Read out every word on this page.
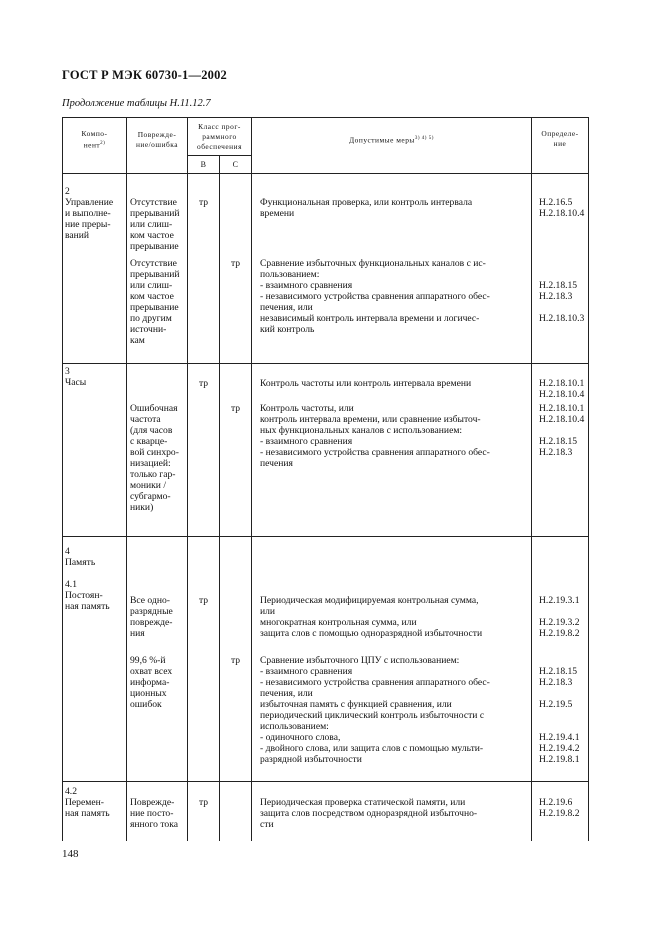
ГОСТ Р МЭК 60730-1—2002
Продолжение таблицы Н.11.12.7
Компо-
нент$^{2)}$
Поврежде-
ние/ошибка
Класс прог-
раммного
обеспечения
В	С
Допустимые меры$^{3) 4) 5)}$
Определе-
ние
2
Управление
и выполне-
ние преры-
ваний
Отсутствие
прерываний
или слиш-
ком частое
прерывание
Отсутствие
прерываний
или слиш-
ком частое
прерывание
по другим
источни-
кам
тр
тр
Функциональная проверка, или контроль интервала
времени
Сравнение избыточных функциональных каналов с ис-
пользованием:
- взаимного сравнения
- независимого устройства сравнения аппаратного обес-
печения, или
независимый контроль интервала времени и логичес-
кий контроль
Н.2.16.5
Н.2.18.10.4

Н.2.18.15
Н.2.18.3

Н.2.18.10.3
3
Часы
Ошибочная
частота
(для часов
с кварце-
вой синхро-
низацией:
только гар-
моники /
субгармо-
ники)
тр
тр
Контроль частоты или контроль интервала времени
Контроль частоты, или
контроль интервала времени, или сравнение избыточ-
ных функциональных каналов с использованием:
- взаимного сравнения
- независимого устройства сравнения аппаратного обес-
печения
Н.2.18.10.1
Н.2.18.10.4
Н.2.18.10.1
Н.2.18.10.4

Н.2.18.15
Н.2.18.3
4
Память

4.1
Постоян-
ная память
Все одно-
разрядные
поврежде-
ния
99,6 %-й
охват всех
информа-
ционных
ошибок
тр
тр
Периодическая модифицируемая контрольная сумма,
или
многократная контрольная сумма, или
защита слов с помощью одноразрядной избыточности
Сравнение избыточного ЦПУ с использованием:
- взаимного сравнения
- независимого устройства сравнения аппаратного обес-
печения, или
избыточная память с функцией сравнения, или
периодический циклический контроль избыточности с
использованием:
- одиночного слова,
- двойного слова, или защита слов с помощью мульти-
разрядной избыточности
Н.2.19.3.1

Н.2.19.3.2
Н.2.19.8.2

Н.2.18.15
Н.2.18.3

Н.2.19.5

Н.2.19.4.1
Н.2.19.4.2
Н.2.19.8.1
4.2
Перемен-
ная память
Поврежде-
ние посто-
янного тока
тр	Периодическая проверка статической памяти, или
защита слов посредством одноразрядной избыточно-
сти
Н.2.19.6
Н.2.19.8.2
148
